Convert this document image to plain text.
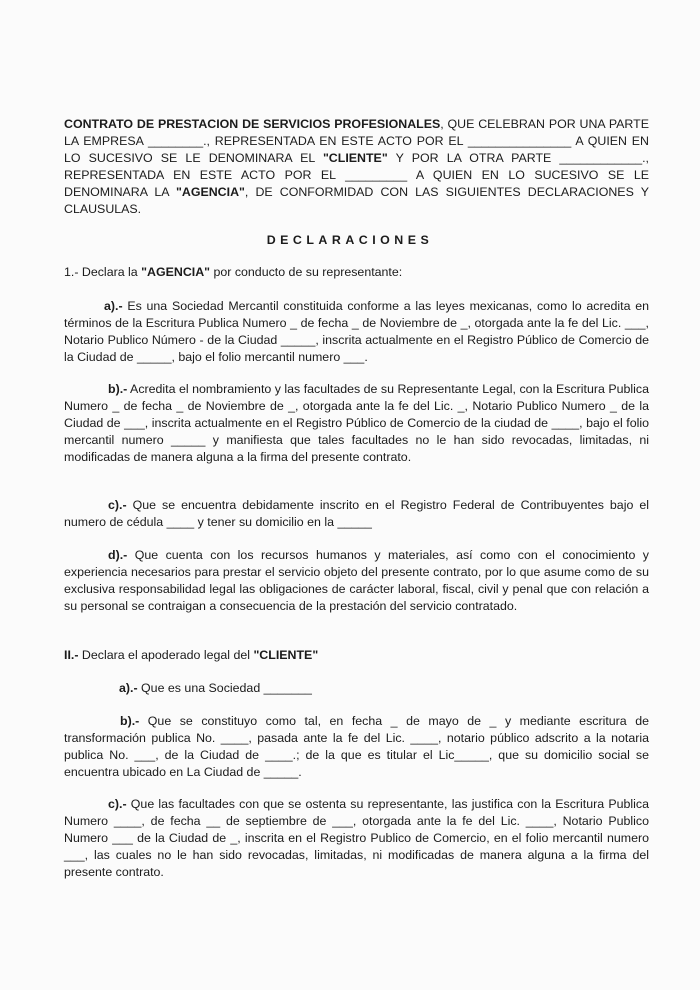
CONTRATO DE PRESTACION DE SERVICIOS PROFESIONALES, QUE CELEBRAN POR UNA PARTE LA EMPRESA ________., REPRESENTADA EN ESTE ACTO POR EL _______________ A QUIEN EN LO SUCESIVO SE LE DENOMINARA EL "CLIENTE" Y POR LA OTRA PARTE ____________., REPRESENTADA EN ESTE ACTO POR EL _________ A QUIEN EN LO SUCESIVO SE LE DENOMINARA LA "AGENCIA", DE CONFORMIDAD CON LAS SIGUIENTES DECLARACIONES Y CLAUSULAS.

DECLARACIONES

1.- Declara la "AGENCIA" por conducto de su representante:

a).- Es una Sociedad Mercantil constituida conforme a las leyes mexicanas, como lo acredita en términos de la Escritura Publica Numero _ de fecha _ de Noviembre de _, otorgada ante la fe del Lic. ___, Notario Publico Número - de la Ciudad _____, inscrita actualmente en el Registro Público de Comercio de la Ciudad de _____, bajo el folio mercantil numero ___.

b).- Acredita el nombramiento y las facultades de su Representante Legal, con la Escritura Publica Numero _ de fecha _ de Noviembre de _, otorgada ante la fe del Lic. _, Notario Publico Numero _ de la Ciudad de ___, inscrita actualmente en el Registro Público de Comercio de la ciudad de ____, bajo el folio mercantil numero _____ y manifiesta que tales facultades no le han sido revocadas, limitadas, ni modificadas de manera alguna a la firma del presente contrato.

c).- Que se encuentra debidamente inscrito en el Registro Federal de Contribuyentes bajo el numero de cédula ____ y tener su domicilio en la _____

d).- Que cuenta con los recursos humanos y materiales, así como con el conocimiento y experiencia necesarios para prestar el servicio objeto del presente contrato, por lo que asume como de su exclusiva responsabilidad legal las obligaciones de carácter laboral, fiscal, civil y penal que con relación a su personal se contraigan a consecuencia de la prestación del servicio contratado.

II.- Declara el apoderado legal del "CLIENTE"

a).- Que es una Sociedad _______

b).- Que se constituyo como tal, en fecha _ de mayo de _ y mediante escritura de transformación publica No. ____, pasada ante la fe del Lic. ____, notario público adscrito a la notaria publica No. ___, de la Ciudad de ____.; de la que es titular el Lic_____, que su domicilio social se encuentra ubicado en La Ciudad de _____.

c).- Que las facultades con que se ostenta su representante, las justifica con la Escritura Publica Numero ____, de fecha __ de septiembre de ___, otorgada ante la fe del Lic. ____, Notario Publico Numero ___ de la Ciudad de _, inscrita en el Registro Publico de Comercio, en el folio mercantil numero ___, las cuales no le han sido revocadas, limitadas, ni modificadas de manera alguna a la firma del presente contrato.
